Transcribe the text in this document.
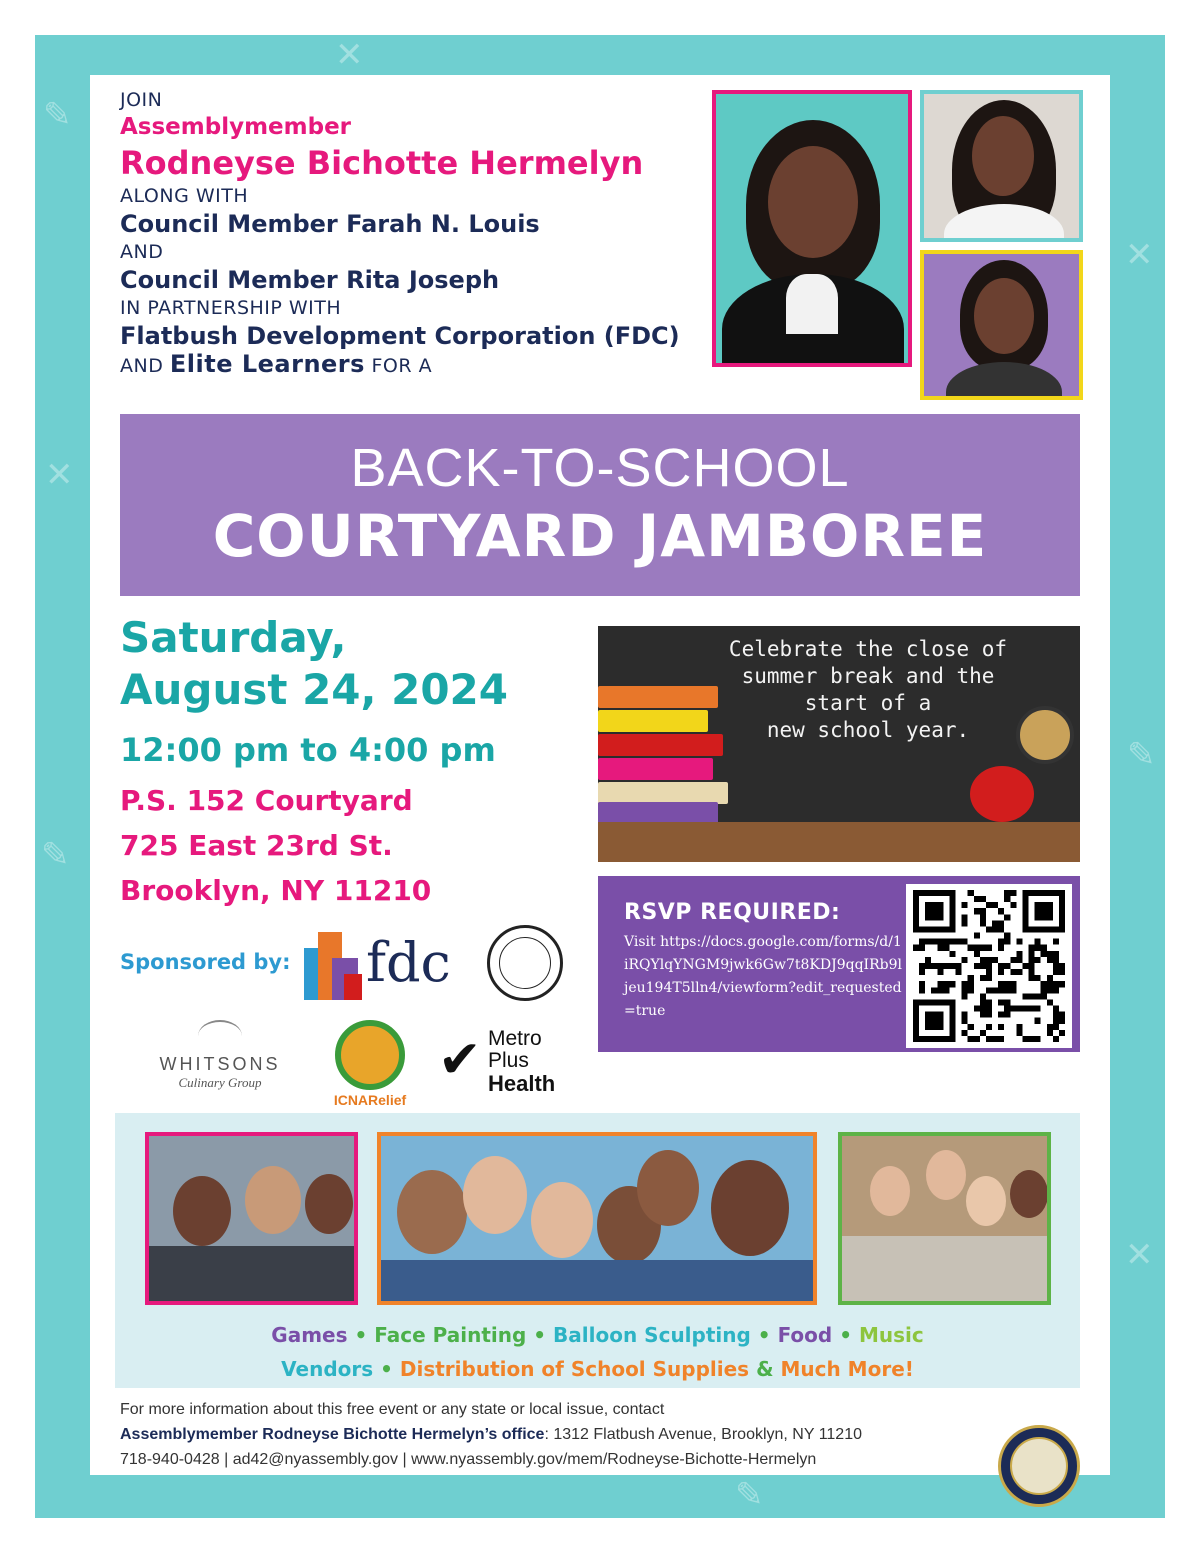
✎
✕
✎
✕
✎
✕
✕
✎
JOIN
Assemblymember
Rodneyse Bichotte Hermelyn
ALONG WITH
Council Member Farah N. Louis
AND
Council Member Rita Joseph
IN PARTNERSHIP WITH
Flatbush Development Corporation (FDC)
AND Elite Learners FOR A
BACK-TO-SCHOOL
COURTYARD JAMBOREE
Saturday,
August 24, 2024
12:00 pm to 4:00 pm
P.S. 152 Courtyard
725 East 23rd St.
Brooklyn, NY 11210
Celebrate the close of
summer break and the
start of a
new school year.
RSVP REQUIRED:
Visit https://docs.google.com/forms/d/1iRQYlqYNGM9jwk6Gw7t8KDJ9qqIRb9ljeu194T5lln4/viewform?edit_requested=true
Sponsored by: fdc
WHITSONS
Culinary Group
ICNARelief
✔ Metro
Plus
Health
Games • Face Painting • Balloon Sculpting • Food • Music
Vendors • Distribution of School Supplies & Much More!
For more information about this free event or any state or local issue, contact
Assemblymember Rodneyse Bichotte Hermelyn’s office: 1312 Flatbush Avenue, Brooklyn, NY 11210
718-940-0428 | ad42@nyassembly.gov | www.nyassembly.gov/mem/Rodneyse-Bichotte-Hermelyn
